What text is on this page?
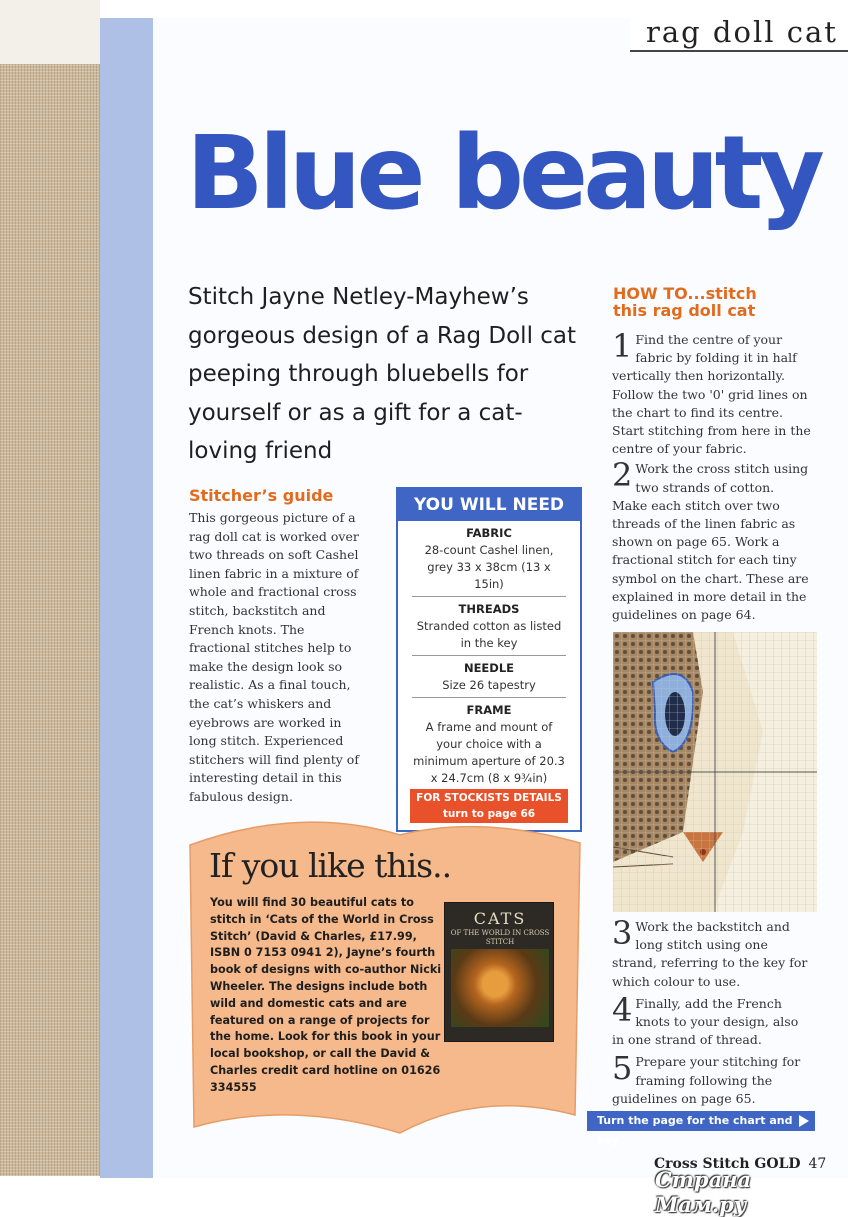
rag doll cat
Blue beauty

Stitch Jayne Netley-Mayhew’s gorgeous design of a Rag Doll cat peeping through bluebells for yourself or as a gift for a cat-loving friend

Stitcher’s guide

This gorgeous picture of a rag doll cat is worked over two threads on soft Cashel linen fabric in a mixture of whole and fractional cross stitch, backstitch and French knots. The fractional stitches help to make the design look so realistic. As a final touch, the cat’s whiskers and eyebrows are worked in long stitch. Experienced stitchers will find plenty of interesting detail in this fabulous design.

YOU WILL NEED
FABRIC
28-count Cashel linen, grey 33 x 38cm (13 x 15in)
THREADS
Stranded cotton as listed in the key
NEEDLE
Size 26 tapestry
FRAME
A frame and mount of your choice with a minimum aperture of 20.3 x 24.7cm (8 x 9¾in)
FOR STOCKISTS DETAILS
turn to page 66
HOW TO...stitch
this rag doll cat
1 Find the centre of your fabric by folding it in half vertically then horizontally. Follow the two '0' grid lines on the chart to find its centre. Start stitching from here in the centre of your fabric.
2 Work the cross stitch using two strands of cotton. Make each stitch over two threads of the linen fabric as shown on page 65. Work a fractional stitch for each tiny symbol on the chart. These are explained in more detail in the guidelines on page 64.
3 Work the backstitch and long stitch using one strand, referring to the key for which colour to use.
4 Finally, add the French knots to your design, also in one strand of thread.
5 Prepare your stitching for framing following the guidelines on page 65.
If you like this..

You will find 30 beautiful cats to stitch in ‘Cats of the World in Cross Stitch’ (David & Charles, £17.99, ISBN 0 7153 0941 2), Jayne’s fourth book of designs with co-author Nicki Wheeler. The designs include both wild and domestic cats and are featured on a range of projects for the home. Look for this book in your local bookshop, or call the David & Charles credit card hotline on 01626 334555

CATS
OF THE WORLD IN CROSS STITCH
Turn the page for the chart and key
Cross Stitch GOLD 47
Страна Мам.ру
